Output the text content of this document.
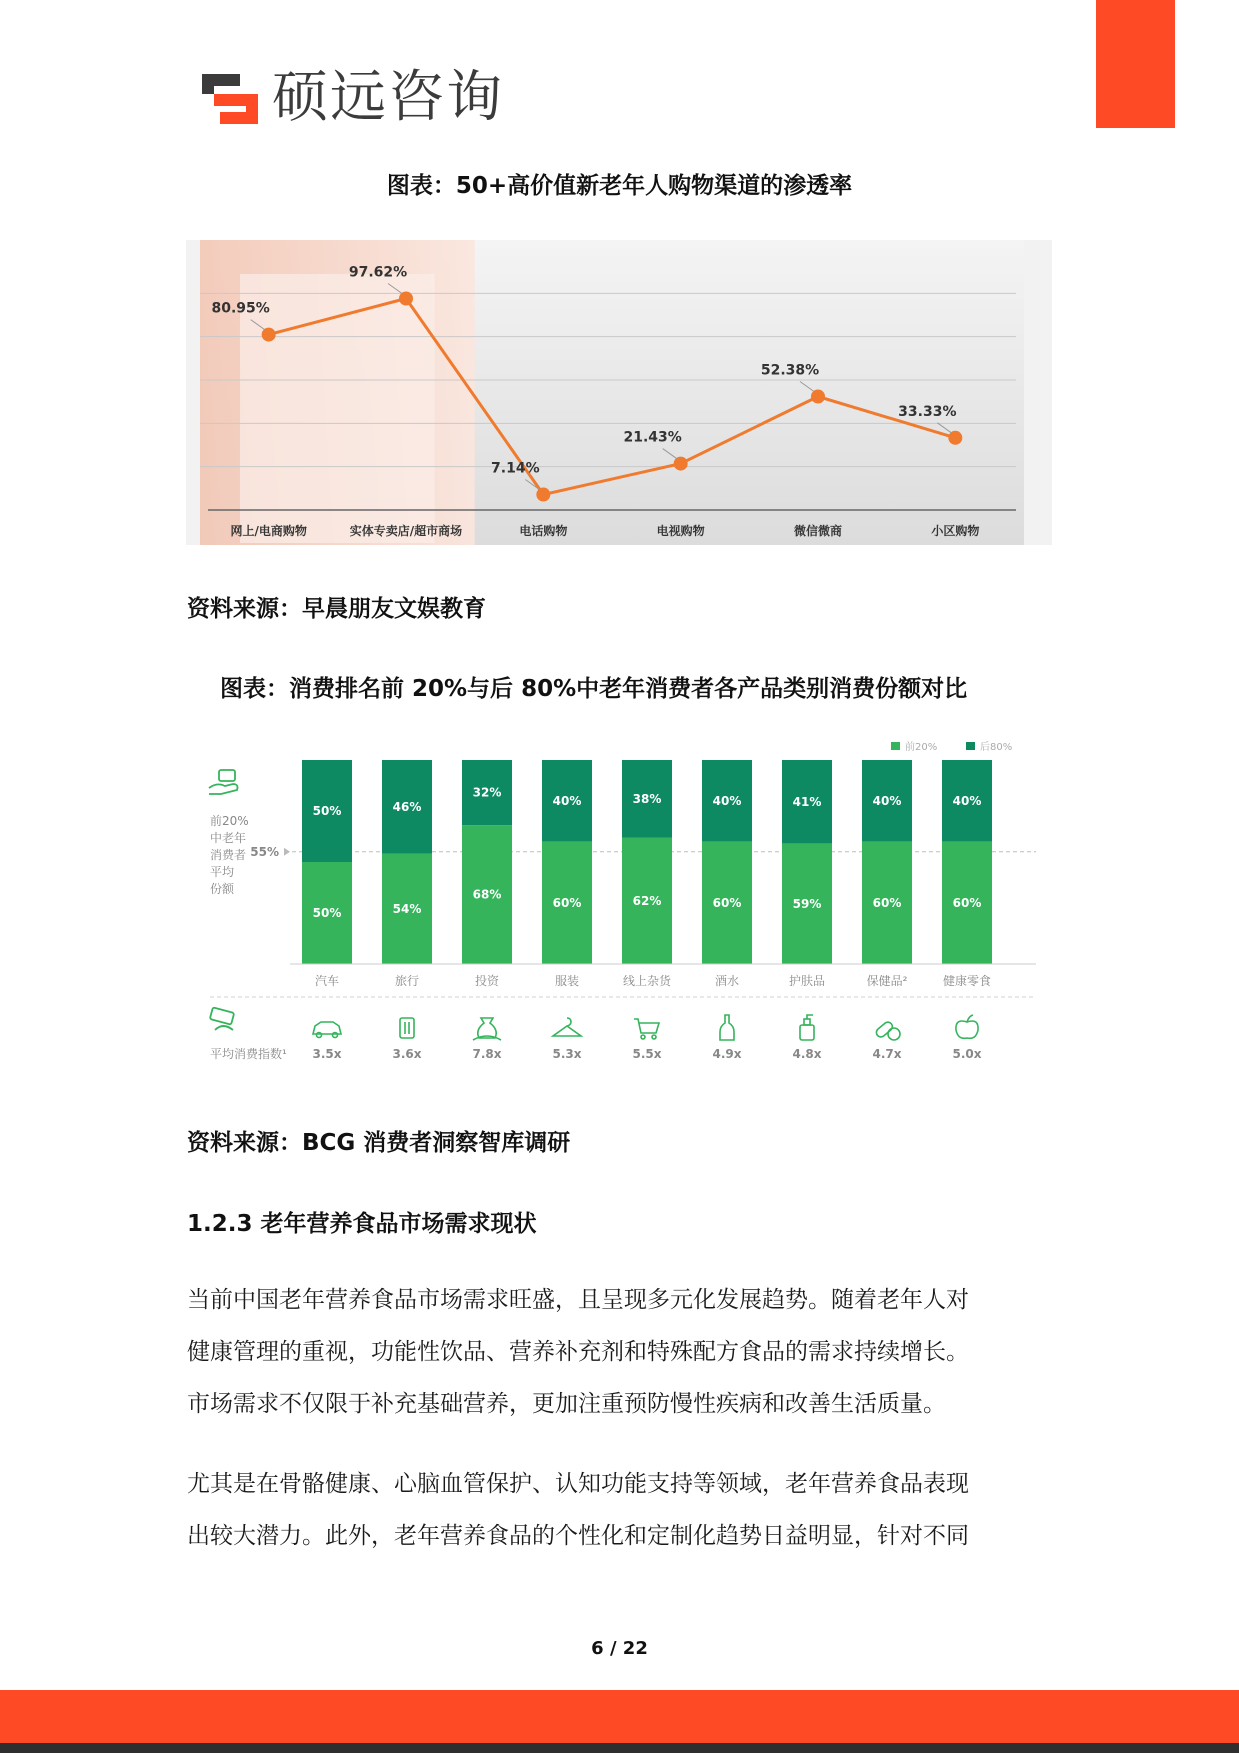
硕远咨询
图表：50+高价值新老年人购物渠道的渗透率
80.95%
网上/电商购物
97.62%
实体专卖店/超市商场
7.14%
电话购物
21.43%
电视购物
52.38%
微信微商
33.33%
小区购物
资料来源：早晨朋友文娱教育
图表：消费排名前 20%与后 80%中老年消费者各产品类别消费份额对比
前20%	后80%
前20%
中老年
消费者
平均
份额
55%
50%
50%
汽车
3.5x
46%
54%
旅行
3.6x
32%
68%
投资
7.8x
40%
60%
服装
5.3x
38%
62%
线上杂货
5.5x
40%
60%
酒水
4.9x
41%
59%
护肤品
4.8x
40%
60%
保健品²
4.7x
40%
60%
健康零食
5.0x
平均消费指数¹
资料来源：BCG 消费者洞察智库调研
1.2.3 老年营养食品市场需求现状
当前中国老年营养食品市场需求旺盛，且呈现多元化发展趋势。随着老年人对
健康管理的重视，功能性饮品、营养补充剂和特殊配方食品的需求持续增长。
市场需求不仅限于补充基础营养，更加注重预防慢性疾病和改善生活质量。
尤其是在骨骼健康、心脑血管保护、认知功能支持等领域，老年营养食品表现
出较大潜力。此外，老年营养食品的个性化和定制化趋势日益明显，针对不同
6 / 22
